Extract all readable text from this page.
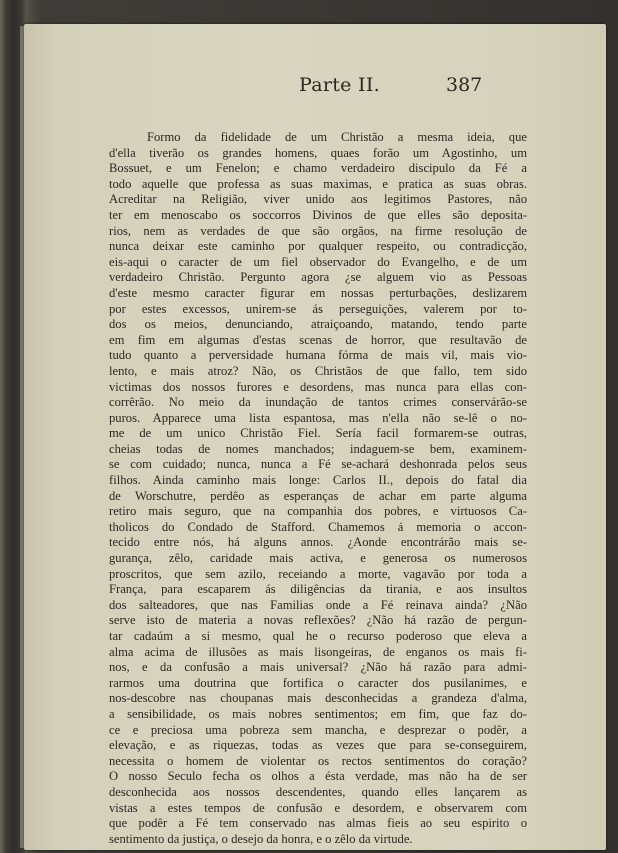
Parte II.	387
Formo da fidelidade de um Christão a mesma ideia, que
d'ella tiverão os grandes homens, quaes forão um Agostinho, um
Bossuet, e um Fenelon; e chamo verdadeiro discipulo da Fé a
todo aquelle que professa as suas maximas, e pratica as suas obras.
Acreditar na Religião, viver unido aos legitimos Pastores, não
ter em menoscabo os soccorros Divinos de que elles são deposita-
rios, nem as verdades de que são orgãos, na firme resolução de
nunca deixar este caminho por qualquer respeito, ou contradicção,
eis-aqui o caracter de um fiel observador do Evangelho, e de um
verdadeiro Christão. Pergunto agora ¿se alguem vio as Pessoas
d'este mesmo caracter figurar em nossas perturbações, deslizarem
por estes excessos, unirem-se ás perseguições, valerem por to-
dos os meios, denunciando, atraiçoando, matando, tendo parte
em fim em algumas d'estas scenas de horror, que resultavão de
tudo quanto a perversidade humana fórma de mais vil, mais vio-
lento, e mais atroz? Não, os Christãos de que fallo, tem sido
victimas dos nossos furores e desordens, mas nunca para ellas con-
corrêrão. No meio da inundação de tantos crimes conservárão-se
puros. Apparece uma lista espantosa, mas n'ella não se-lê o no-
me de um unico Christão Fiel. Sería facil formarem-se outras,
cheias todas de nomes manchados; indaguem-se bem, examinem-
se com cuidado; nunca, nunca a Fé se-achará deshonrada pelos seus
filhos. Ainda caminho mais longe: Carlos II., depois do fatal dia
de Worschutre, perdêo as esperanças de achar em parte alguma
retiro mais seguro, que na companhia dos pobres, e virtuosos Ca-
tholicos do Condado de Stafford. Chamemos á memoria o accon-
tecido entre nós, há alguns annos. ¿Aonde encontrárão mais se-
gurança, zêlo, caridade mais activa, e generosa os numerosos
proscritos, que sem azilo, receiando a morte, vagavão por toda a
França, para escaparem ás diligências da tirania, e aos insultos
dos salteadores, que nas Familias onde a Fé reinava ainda? ¿Não
serve isto de materia a novas reflexões? ¿Não há razão de pergun-
tar cadaúm a si mesmo, qual he o recurso poderoso que eleva a
alma acima de illusões as mais lisongeiras, de enganos os mais fi-
nos, e da confusão a mais universal? ¿Não há razão para admi-
rarmos uma doutrina que fortifica o caracter dos pusilanimes, e
nos-descobre nas choupanas mais desconhecidas a grandeza d'alma,
a sensibilidade, os mais nobres sentimentos; em fim, que faz do-
ce e preciosa uma pobreza sem mancha, e desprezar o podêr, a
elevação, e as riquezas, todas as vezes que para se-conseguirem,
necessita o homem de violentar os rectos sentimentos do coração?
O nosso Seculo fecha os olhos a ésta verdade, mas não ha de ser
desconhecida aos nossos descendentes, quando elles lançarem as
vistas a estes tempos de confusão e desordem, e observarem com
que podêr a Fé tem conservado nas almas fieis ao seu espirito o
sentimento da justiça, o desejo da honra, e o zêlo da virtude.
